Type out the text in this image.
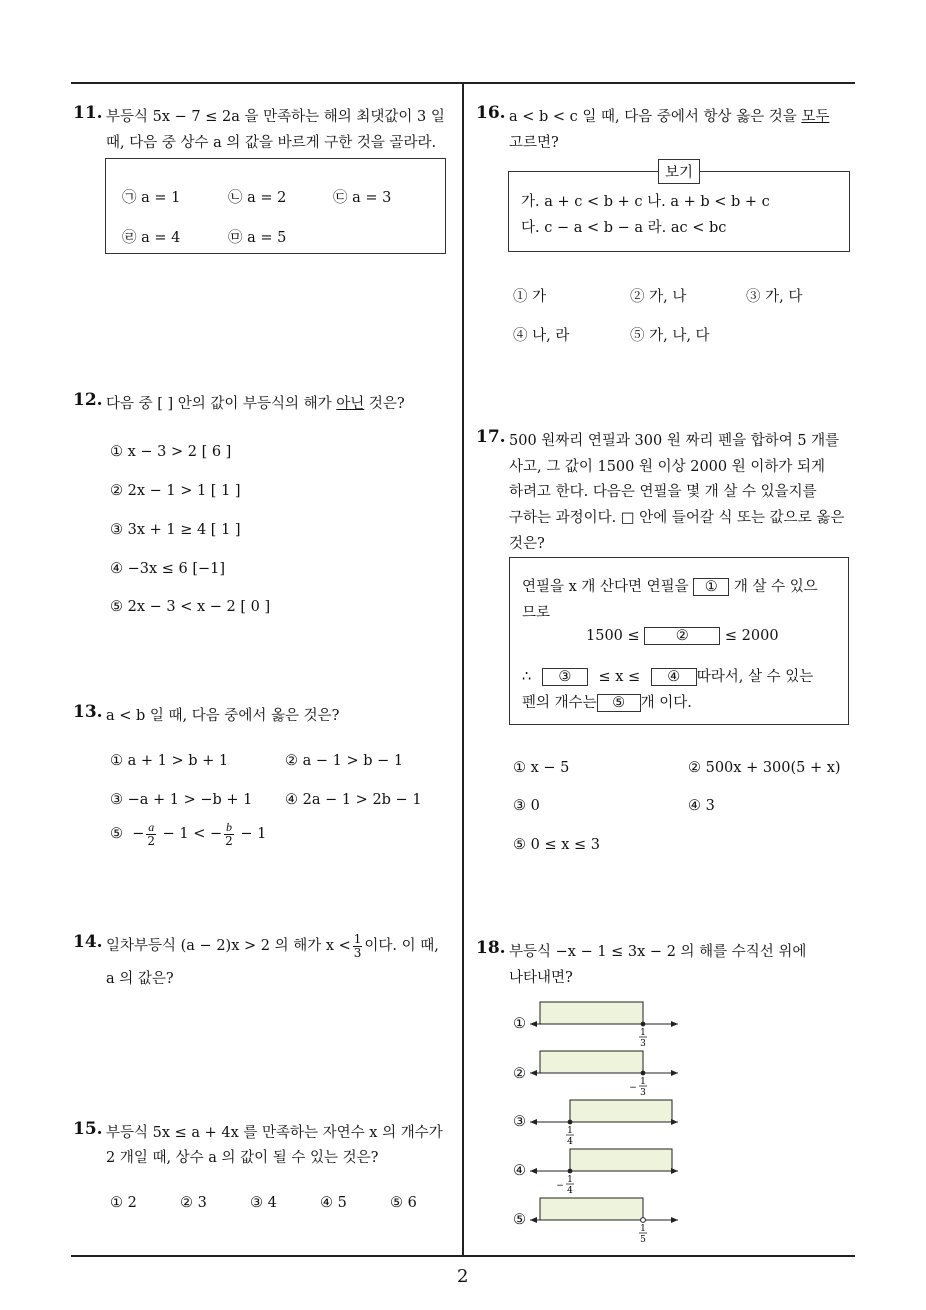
2
11. 부등식 5x − 7 ≤ 2a 을 만족하는 해의 최댓값이 3 일
때, 다음 중 상수 a 의 값을 바르게 구한 것을 골라라.
㉠ a = 1	㉡ a = 2	㉢ a = 3
㉣ a = 4	㉤ a = 5
12. 다음 중 [ ] 안의 값이 부등식의 해가 아닌 것은?
① x − 3 > 2 [ 6 ]
② 2x − 1 > 1 [ 1 ]
③ 3x + 1 ≥ 4 [ 1 ]
④ −3x ≤ 6 [−1]
⑤ 2x − 3 < x − 2 [ 0 ]
13. a < b 일 때, 다음 중에서 옳은 것은?
① a + 1 > b + 1	② a − 1 > b − 1
③ −a + 1 > −b + 1 ④ 2a − 1 > 2b − 1
⑤ − $\frac{a}{2} - 1$ < − $\frac{b}{2} - 1$
14. 일차부등식 (a − 2)x > 2 의 해가 $x < \frac{1}{3}$ 이다. 이 때,
a 의 값은?
15. 부등식 5x ≤ a + 4x 를 만족하는 자연수 x 의 개수가
2 개일 때, 상수 a 의 값이 될 수 있는 것은?
① 2	② 3	③ 4	④ 5	⑤ 6
16. a < b < c 일 때, 다음 중에서 항상 옳은 것을 모두
고르면?
보기
가. a + c < b + c 나. a + b < b + c
다. c − a < b − a 라. ac < bc
① 가	② 가, 나	③ 가, 다
④ 나, 라	⑤ 가, 나, 다
17. 500 원짜리 연필과 300 원 짜리 펜을 합하여 5 개를
사고, 그 값이 1500 원 이상 2000 원 이하가 되게
하려고 한다. 다음은 연필을 몇 개 살 수 있을지를
구하는 과정이다. □ 안에 들어갈 식 또는 값으로 옳은
것은?
연필을 x 개 산다면 연필을 ① 개 살 수 있으
므로
1500 ≤ ② ≤ 2000
∴ ③ ≤ x ≤ ④ 따라서, 살 수 있는
펜의 개수는 ⑤ 개 이다.
① x − 5	② 500x + 300(5 + x)
③ 0	④ 3
⑤ 0 ≤ x ≤ 3
18. 부등식 −x − 1 ≤ 3x − 2 의 해를 수직선 위에
나타내면?
①
②
③
④
⑤
1
3
−
1
3
1
4
−
1
4
1
5
